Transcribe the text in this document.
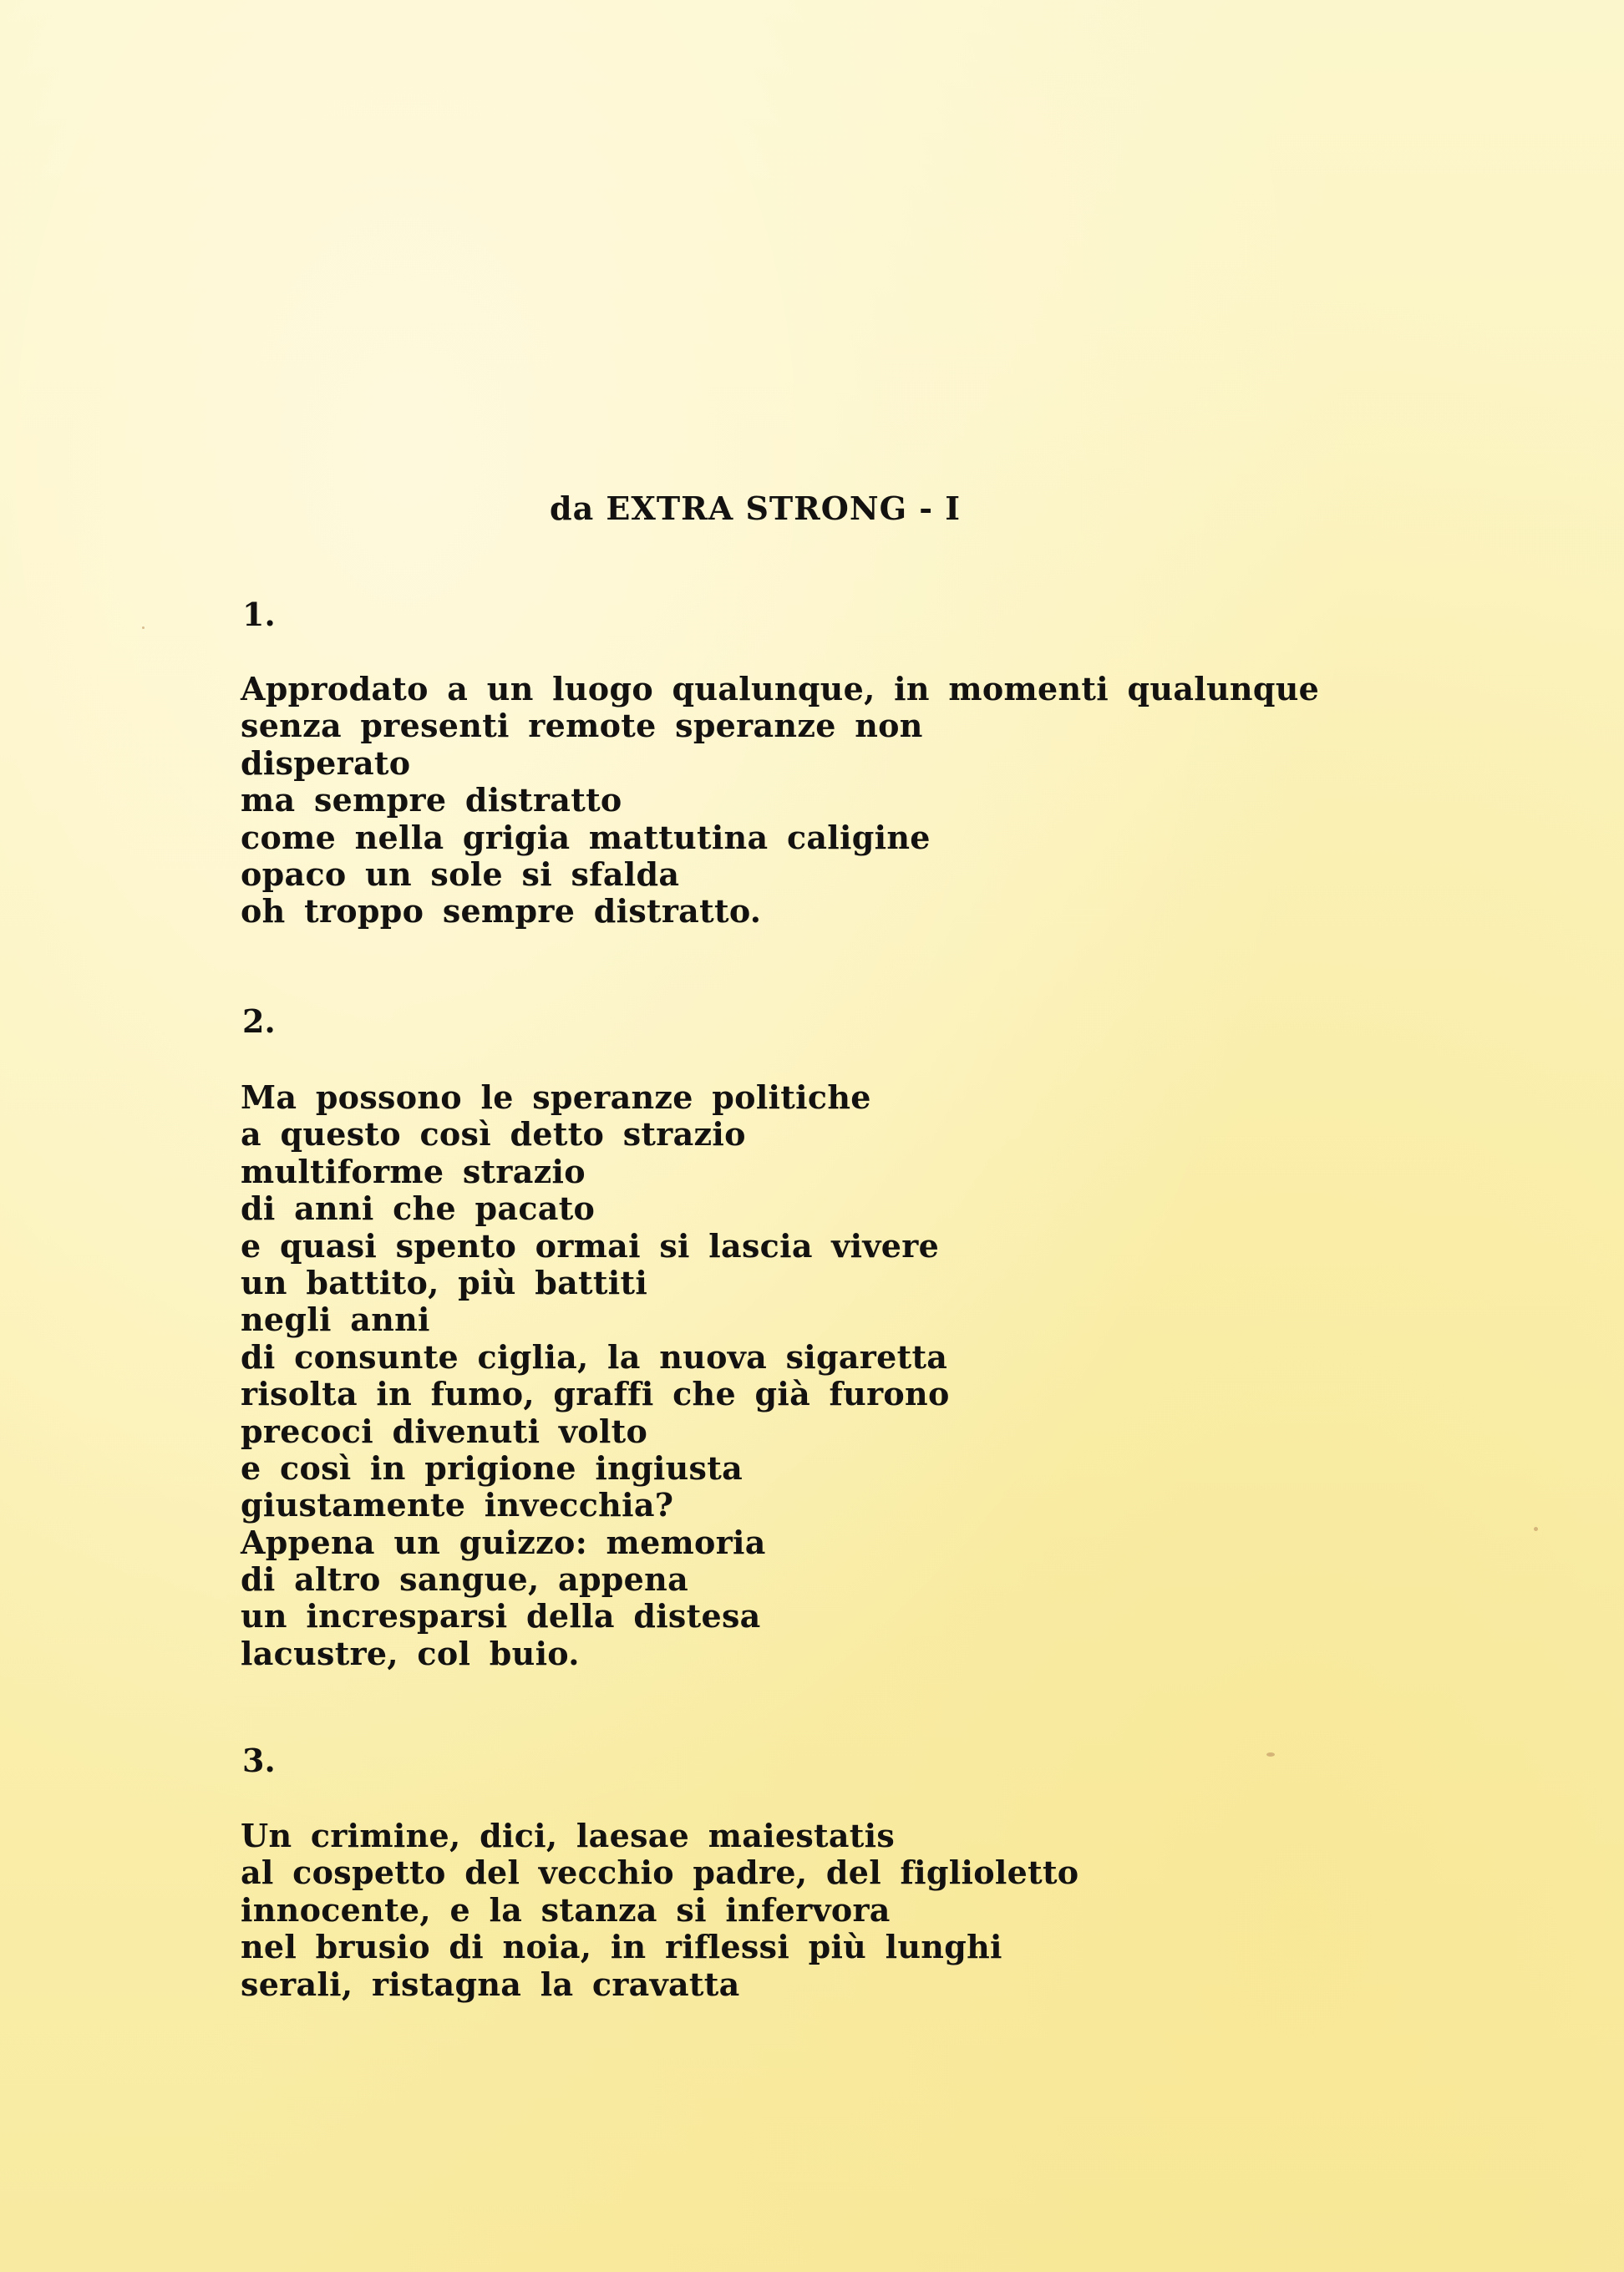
da EXTRA STRONG - I
1.
Approdato a un luogo qualunque, in momenti qualunque
senza presenti remote speranze non
disperato
ma sempre distratto
come nella grigia mattutina caligine
opaco un sole si sfalda
oh troppo sempre distratto.
2.
Ma possono le speranze politiche
a questo così detto strazio
multiforme strazio
di anni che pacato
e quasi spento ormai si lascia vivere
un battito, più battiti
negli anni
di consunte ciglia, la nuova sigaretta
risolta in fumo, graffi che già furono
precoci divenuti volto
e così in prigione ingiusta
giustamente invecchia?
Appena un guizzo: memoria
di altro sangue, appena
un incresparsi della distesa
lacustre, col buio.
3.
Un crimine, dici, laesae maiestatis
al cospetto del vecchio padre, del figlioletto
innocente, e la stanza si infervora
nel brusio di noia, in riflessi più lunghi
serali, ristagna la cravatta
